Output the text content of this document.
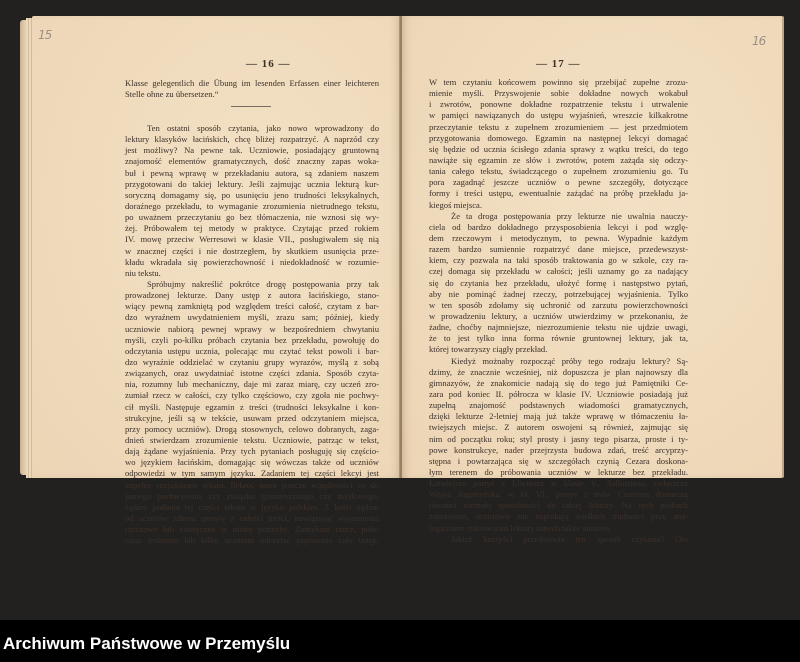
15
— 16 —
Klasse gelegentlich die Übung im lesenden Erfassen einer leichteren
Stelle ohne zu übersetzen.“

Ten ostatni sposób czytania, jako nowo wprowadzony do
lektury klasyków łacińskich, chcę bliżej rozpatrzyć. A naprzód czy
jest możliwy? Na pewne tak. Uczniowie, posiadający gruntowną
znajomość elementów gramatycznych, dość znaczny zapas woka-
buł i pewną wprawę w przekładaniu autora, są zdaniem naszem
przygotowani do takiej lektury. Jeśli zajmując ucznia lekturą kur-
soryczną domagamy się, po usunięciu jeno trudności leksykalnych,
doraźnego przekładu, to wymaganie zrozumienia nietrudnego tekstu,
po uważnem przeczytaniu go bez tłómaczenia, nie wznosi się wy-
żej. Próbowałem tej metody w praktyce. Czytając przed rokiem
IV. mowę przeciw Werresowi w klasie VII., posługiwałem się nią
w znacznej części i nie dostrzegłem, by skutkiem usunięcia prze-
kładu wkradała się powierzchowność i niedokładność w rozumie-
niu tekstu.

Spróbujmy nakreślić pokrótce drogę postępowania przy tak
prowadzonej lekturze. Dany ustęp z autora łacińskiego, stano-
wiący pewną zamkniętą pod względem treści całość, czytam z bar-
dzo wyraźnem uwydatnieniem myśli, zrazu sam; później, kiedy
uczniowie nabiorą pewnej wprawy w bezpośredniem chwytaniu
myśli, czyli po-kilku próbach czytania bez przekładu, powołuję do
odczytania ustępu ucznia, polecając mu czytać tekst powoli i bar-
dzo wyraźnie oddzielać w czytaniu grupy wyrazów, myślą z sobą
związanych, oraz uwydatniać istotne części zdania. Sposób czyta-
nia, rozumny lub mechaniczny, daje mi zaraz miarę, czy uczeń zro-
zumiał rzecz w całości, czy tylko częściowo, czy zgoła nie pochwy-
cił myśli. Następuje egzamin z treści (trudności leksykalne i kon-
strukcyjne, jeśli są w tekście, usuwam przed odczytaniem miejsca,
przy pomocy uczniów). Drogą stosownych, celowo dobranych, zaga-
dnień stwierdzam zrozumienie tekstu. Uczniowie, patrząc w tekst,
dają żądane wyjaśnienia. Przy tych pytaniach posługuję się częścio-
wo językiem łacińskim, domagając się wówczas także od uczniów
odpowiedzi w tym samym języku. Zadaniem tej części lekcyi jest
zupełne rozjaśnienie tekstu. Ilekroć mam jeszcze wątpliwości co do
jasnego pochwycenia czy związku gramatycznego czy myślowego,
żądam podania tej części tekstu w języku polskim. Z kolei żądam
od uczniów zdania sprawy z całości treści, nawiązując wyjaśnienia
rzeczowe lub estetyczne w miarę potrzeby. Zamykam rzecz, pole-
cając jednemu lub kilku uczniom odczytać poprawnie cały ustęp.

16
— 17 —

W tem czytaniu końcowem powinno się przebijać zupełne zrozu-
mienie myśli. Przyswojenie sobie dokładne nowych wokabuł
i zwrotów, ponowne dokładne rozpatrzenie tekstu i utrwalenie
w pamięci nawiązanych do ustępu wyjaśnień, wreszcie kilkakrotne
przeczytanie tekstu z zupełnem zrozumieniem — jest przedmiotem
przygotowania domowego. Egzamin na następnej lekcyi domagać
się będzie od ucznia ścisłego zdania sprawy z wątku treści, do tego
nawiąże się egzamin ze słów i zwrotów, potem zażąda się odczy-
tania całego tekstu, świadczącego o zupełnem zrozumieniu go. Tu
pora zagadnąć jeszcze uczniów o pewne szczegóły, dotyczące
formy i treści ustępu, ewentualnie zażądać na próbę przekładu ja-
kiegoś miejsca.

Że ta droga postępowania przy lekturze nie uwalnia nauczy-
ciela od bardzo dokładnego przysposobienia lekcyi i pod wzglę-
dem rzeczowym i metodycznym, to pewna. Wypadnie każdym
razem bardzo sumiennie rozpatrzyć dane miejsce, przedewszyst-
kiem, czy pozwala na taki sposób traktowania go w szkole, czy ra-
czej domaga się przekładu w całości; jeśli uznamy go za nadający
się do czytania bez przekładu, ułożyć formę i następstwo pytań,
aby nie pominąć żadnej rzeczy, potrzebującej wyjaśnienia. Tylko
w ten sposób zdołamy się uchronić od zarzutu powierzchowności
w prowadzeniu lektury, a uczniów utwierdzimy w przekonaniu, że
żadne, choćby najmniejsze, niezrozumienie tekstu nie ujdzie uwagi,
że to jest tylko inna forma równie gruntownej lektury, jak ta,
której towarzyszy ciągły przekład.

Kiedyż możnaby rozpocząć próby tego rodzaju lektury? Są-
dzimy, że znacznie wcześniej, niż dopuszcza je plan najnowszy dla
gimnazyów, że znakomicie nadają się do tego już Pamiętniki Ce-
zara pod koniec II. półrocza w klasie IV. Uczniowie posiadają już
zupełną znajomość podstawnych wiadomości gramatycznych,
dzięki lekturze 2-letniej mają już także wprawę w tłómaczeniu ła-
twiejszych miejsc. Z autorem oswojeni są również, zajmując się
nim od początku roku; styl prosty i jasny tego pisarza, proste i ty-
powe konstrukcye, nader przejrzysta budowa zdań, treść arcyprzy-
stępna i powtarzająca się w szczegółach czynią Cezara doskona-
łym terenem do próbowania uczniów w lekturze bez przekładu.
Łatwiejsze partye z Liwiusza w klasie V., Sallustiusa, zwłaszcza
Wojna Jugurtyńska, w kl. VI., partye z mów Cicerona dostarczą
również niemało sposobności do takiej lektury. Na tych próbach
zaprawieni, uczniowie nie napotkają wielkich trudności przy ana-
logicznem traktowaniu lektury innych także autorów.

Jakież korzyści przedstawia ten sposób czytania? Oto

Archiwum Państwowe w Przemyślu
